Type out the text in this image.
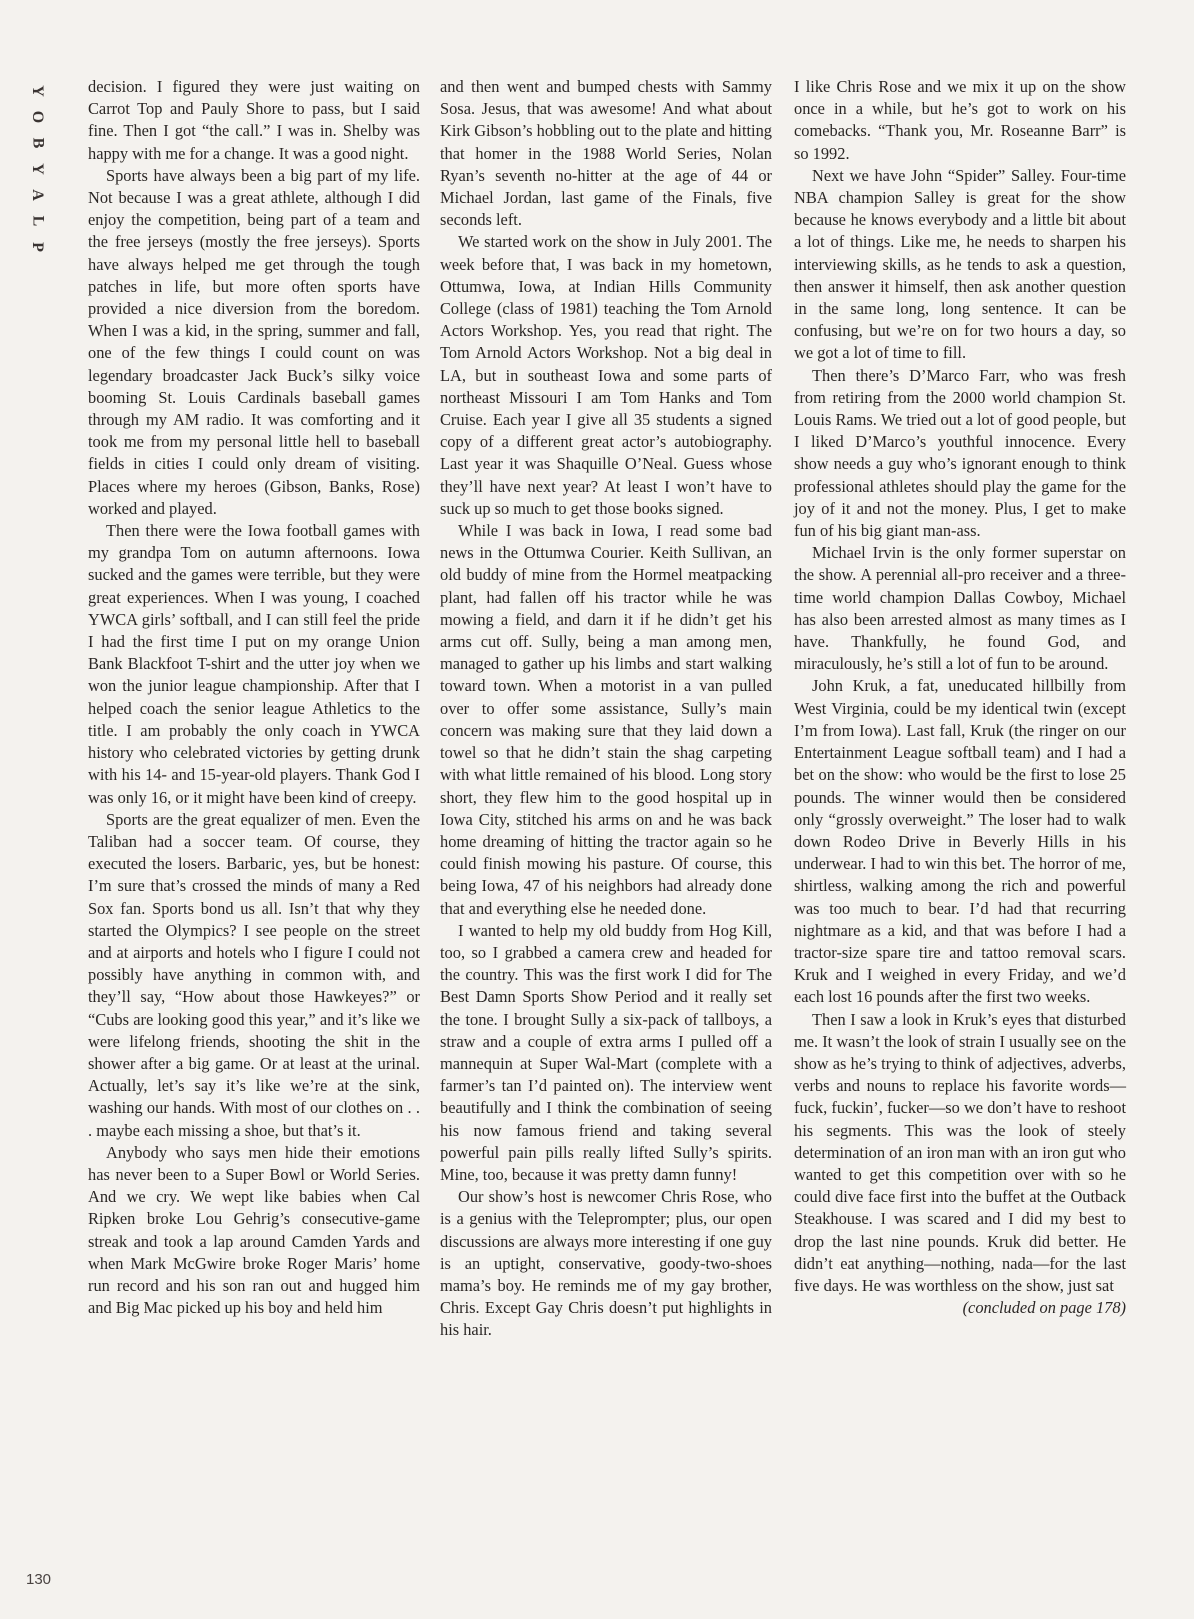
Y
O
B
Y
A
L
P

decision. I figured they were just waiting on Carrot Top and Pauly Shore to pass, but I said fine. Then I got “the call.” I was in. Shelby was happy with me for a change. It was a good night.

Sports have always been a big part of my life. Not because I was a great athlete, although I did enjoy the competition, being part of a team and the free jerseys (mostly the free jerseys). Sports have always helped me get through the tough patches in life, but more often sports have provided a nice diversion from the boredom. When I was a kid, in the spring, summer and fall, one of the few things I could count on was legendary broadcaster Jack Buck’s silky voice booming St. Louis Cardinals baseball games through my AM radio. It was comforting and it took me from my personal little hell to baseball fields in cities I could only dream of visiting. Places where my heroes (Gibson, Banks, Rose) worked and played.

Then there were the Iowa football games with my grandpa Tom on autumn afternoons. Iowa sucked and the games were terrible, but they were great experiences. When I was young, I coached YWCA girls’ softball, and I can still feel the pride I had the first time I put on my orange Union Bank Blackfoot T-shirt and the utter joy when we won the junior league championship. After that I helped coach the senior league Athletics to the title. I am probably the only coach in YWCA history who celebrated victories by getting drunk with his 14- and 15-year-old players. Thank God I was only 16, or it might have been kind of creepy.

Sports are the great equalizer of men. Even the Taliban had a soccer team. Of course, they executed the losers. Barbaric, yes, but be honest: I’m sure that’s crossed the minds of many a Red Sox fan. Sports bond us all. Isn’t that why they started the Olympics? I see people on the street and at airports and hotels who I figure I could not possibly have anything in common with, and they’ll say, “How about those Hawkeyes?” or “Cubs are looking good this year,” and it’s like we were lifelong friends, shooting the shit in the shower after a big game. Or at least at the urinal. Actually, let’s say it’s like we’re at the sink, washing our hands. With most of our clothes on . . . maybe each missing a shoe, but that’s it.

Anybody who says men hide their emotions has never been to a Super Bowl or World Series. And we cry. We wept like babies when Cal Ripken broke Lou Gehrig’s consecutive-game streak and took a lap around Camden Yards and when Mark McGwire broke Roger Maris’ home run record and his son ran out and hugged him and Big Mac picked up his boy and held him

and then went and bumped chests with Sammy Sosa. Jesus, that was awesome! And what about Kirk Gibson’s hobbling out to the plate and hitting that homer in the 1988 World Series, Nolan Ryan’s seventh no-hitter at the age of 44 or Michael Jordan, last game of the Finals, five seconds left.

We started work on the show in July 2001. The week before that, I was back in my hometown, Ottumwa, Iowa, at Indian Hills Community College (class of 1981) teaching the Tom Arnold Actors Workshop. Yes, you read that right. The Tom Arnold Actors Workshop. Not a big deal in LA, but in southeast Iowa and some parts of northeast Missouri I am Tom Hanks and Tom Cruise. Each year I give all 35 students a signed copy of a different great actor’s autobiography. Last year it was Shaquille O’Neal. Guess whose they’ll have next year? At least I won’t have to suck up so much to get those books signed.

While I was back in Iowa, I read some bad news in the Ottumwa Courier. Keith Sullivan, an old buddy of mine from the Hormel meatpacking plant, had fallen off his tractor while he was mowing a field, and darn it if he didn’t get his arms cut off. Sully, being a man among men, managed to gather up his limbs and start walking toward town. When a motorist in a van pulled over to offer some assistance, Sully’s main concern was making sure that they laid down a towel so that he didn’t stain the shag carpeting with what little remained of his blood. Long story short, they flew him to the good hospital up in Iowa City, stitched his arms on and he was back home dreaming of hitting the tractor again so he could finish mowing his pasture. Of course, this being Iowa, 47 of his neighbors had already done that and everything else he needed done.

I wanted to help my old buddy from Hog Kill, too, so I grabbed a camera crew and headed for the country. This was the first work I did for The Best Damn Sports Show Period and it really set the tone. I brought Sully a six-pack of tallboys, a straw and a couple of extra arms I pulled off a mannequin at Super Wal-Mart (complete with a farmer’s tan I’d painted on). The interview went beautifully and I think the combination of seeing his now famous friend and taking several powerful pain pills really lifted Sully’s spirits. Mine, too, because it was pretty damn funny!

Our show’s host is newcomer Chris Rose, who is a genius with the Teleprompter; plus, our open discussions are always more interesting if one guy is an uptight, conservative, goody-two-shoes mama’s boy. He reminds me of my gay brother, Chris. Except Gay Chris doesn’t put highlights in his hair.

I like Chris Rose and we mix it up on the show once in a while, but he’s got to work on his comebacks. “Thank you, Mr. Roseanne Barr” is so 1992.

Next we have John “Spider” Salley. Four-time NBA champion Salley is great for the show because he knows everybody and a little bit about a lot of things. Like me, he needs to sharpen his interviewing skills, as he tends to ask a question, then answer it himself, then ask another question in the same long, long sentence. It can be confusing, but we’re on for two hours a day, so we got a lot of time to fill.

Then there’s D’Marco Farr, who was fresh from retiring from the 2000 world champion St. Louis Rams. We tried out a lot of good people, but I liked D’Marco’s youthful innocence. Every show needs a guy who’s ignorant enough to think professional athletes should play the game for the joy of it and not the money. Plus, I get to make fun of his big giant man-ass.

Michael Irvin is the only former superstar on the show. A perennial all-pro receiver and a three-time world champion Dallas Cowboy, Michael has also been arrested almost as many times as I have. Thankfully, he found God, and miraculously, he’s still a lot of fun to be around.

John Kruk, a fat, uneducated hillbilly from West Virginia, could be my identical twin (except I’m from Iowa). Last fall, Kruk (the ringer on our Entertainment League softball team) and I had a bet on the show: who would be the first to lose 25 pounds. The winner would then be considered only “grossly overweight.” The loser had to walk down Rodeo Drive in Beverly Hills in his underwear. I had to win this bet. The horror of me, shirtless, walking among the rich and powerful was too much to bear. I’d had that recurring nightmare as a kid, and that was before I had a tractor-size spare tire and tattoo removal scars. Kruk and I weighed in every Friday, and we’d each lost 16 pounds after the first two weeks.

Then I saw a look in Kruk’s eyes that disturbed me. It wasn’t the look of strain I usually see on the show as he’s trying to think of adjectives, adverbs, verbs and nouns to replace his favorite words—fuck, fuckin’, fucker—so we don’t have to reshoot his segments. This was the look of steely determination of an iron man with an iron gut who wanted to get this competition over with so he could dive face first into the buffet at the Outback Steakhouse. I was scared and I did my best to drop the last nine pounds. Kruk did better. He didn’t eat anything—nothing, nada—for the last five days. He was worthless on the show, just sat

(concluded on page 178)

130
